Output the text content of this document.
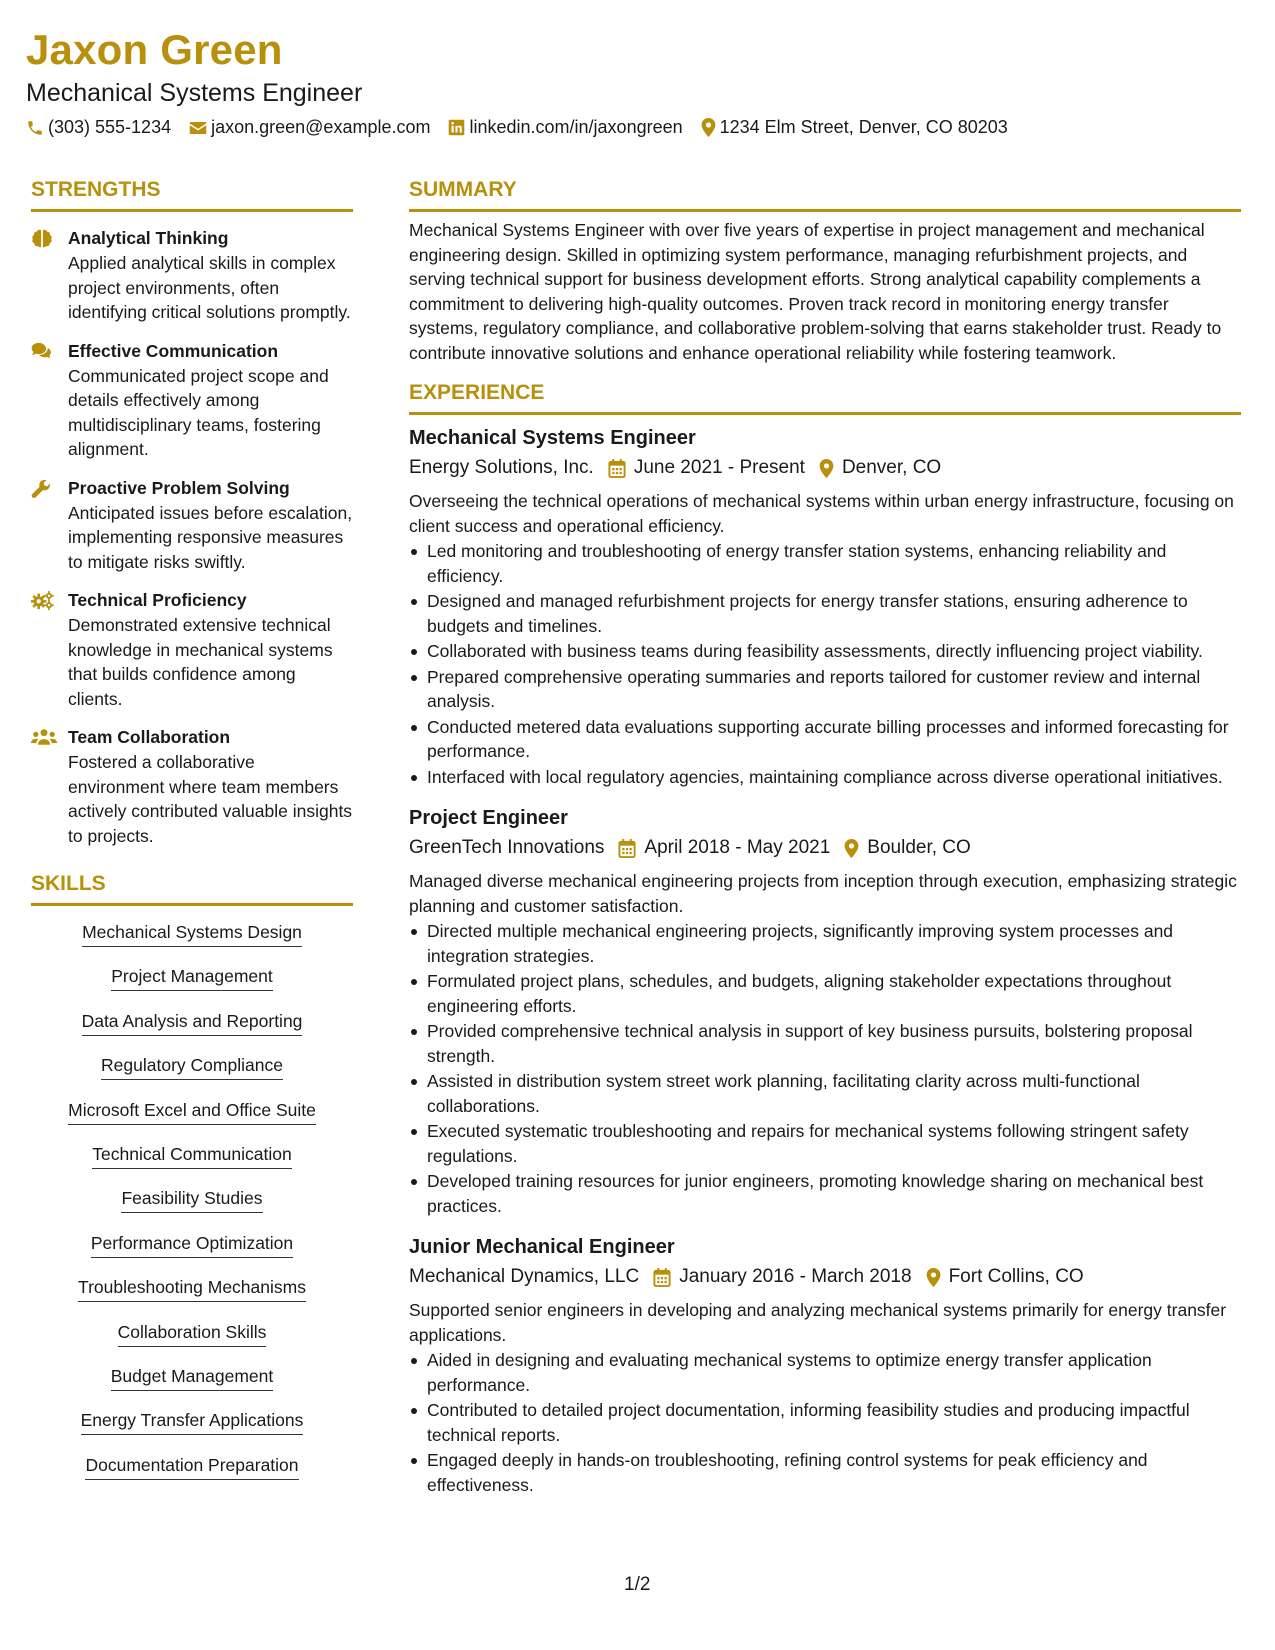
Jaxon Green
Mechanical Systems Engineer
(303) 555-1234 jaxon.green@example.com linkedin.com/in/jaxongreen 1234 Elm Street, Denver, CO 80203
STRENGTHS
Analytical Thinking
Applied analytical skills in complex project environments, often identifying critical solutions promptly.
Effective Communication
Communicated project scope and details effectively among multidisciplinary teams, fostering alignment.
Proactive Problem Solving
Anticipated issues before escalation, implementing responsive measures to mitigate risks swiftly.
Technical Proficiency
Demonstrated extensive technical knowledge in mechanical systems that builds confidence among clients.
Team Collaboration
Fostered a collaborative environment where team members actively contributed valuable insights to projects.
SKILLS
Mechanical Systems Design
Project Management
Data Analysis and Reporting
Regulatory Compliance
Microsoft Excel and Office Suite
Technical Communication
Feasibility Studies
Performance Optimization
Troubleshooting Mechanisms
Collaboration Skills
Budget Management
Energy Transfer Applications
Documentation Preparation
SUMMARY
Mechanical Systems Engineer with over five years of expertise in project management and mechanical engineering design. Skilled in optimizing system performance, managing refurbishment projects, and serving technical support for business development efforts. Strong analytical capability complements a commitment to delivering high-quality outcomes. Proven track record in monitoring energy transfer systems, regulatory compliance, and collaborative problem-solving that earns stakeholder trust. Ready to contribute innovative solutions and enhance operational reliability while fostering teamwork.
EXPERIENCE
Mechanical Systems Engineer
Energy Solutions, Inc. June 2021 - Present Denver, CO
Overseeing the technical operations of mechanical systems within urban energy infrastructure, focusing on client success and operational efficiency.
Led monitoring and troubleshooting of energy transfer station systems, enhancing reliability and efficiency.
Designed and managed refurbishment projects for energy transfer stations, ensuring adherence to budgets and timelines.
Collaborated with business teams during feasibility assessments, directly influencing project viability.
Prepared comprehensive operating summaries and reports tailored for customer review and internal analysis.
Conducted metered data evaluations supporting accurate billing processes and informed forecasting for performance.
Interfaced with local regulatory agencies, maintaining compliance across diverse operational initiatives.
Project Engineer
GreenTech Innovations April 2018 - May 2021 Boulder, CO
Managed diverse mechanical engineering projects from inception through execution, emphasizing strategic planning and customer satisfaction.
Directed multiple mechanical engineering projects, significantly improving system processes and integration strategies.
Formulated project plans, schedules, and budgets, aligning stakeholder expectations throughout engineering efforts.
Provided comprehensive technical analysis in support of key business pursuits, bolstering proposal strength.
Assisted in distribution system street work planning, facilitating clarity across multi-functional collaborations.
Executed systematic troubleshooting and repairs for mechanical systems following stringent safety regulations.
Developed training resources for junior engineers, promoting knowledge sharing on mechanical best practices.
Junior Mechanical Engineer
Mechanical Dynamics, LLC January 2016 - March 2018 Fort Collins, CO
Supported senior engineers in developing and analyzing mechanical systems primarily for energy transfer applications.
Aided in designing and evaluating mechanical systems to optimize energy transfer application performance.
Contributed to detailed project documentation, informing feasibility studies and producing impactful technical reports.
Engaged deeply in hands-on troubleshooting, refining control systems for peak efficiency and effectiveness.
1/2
